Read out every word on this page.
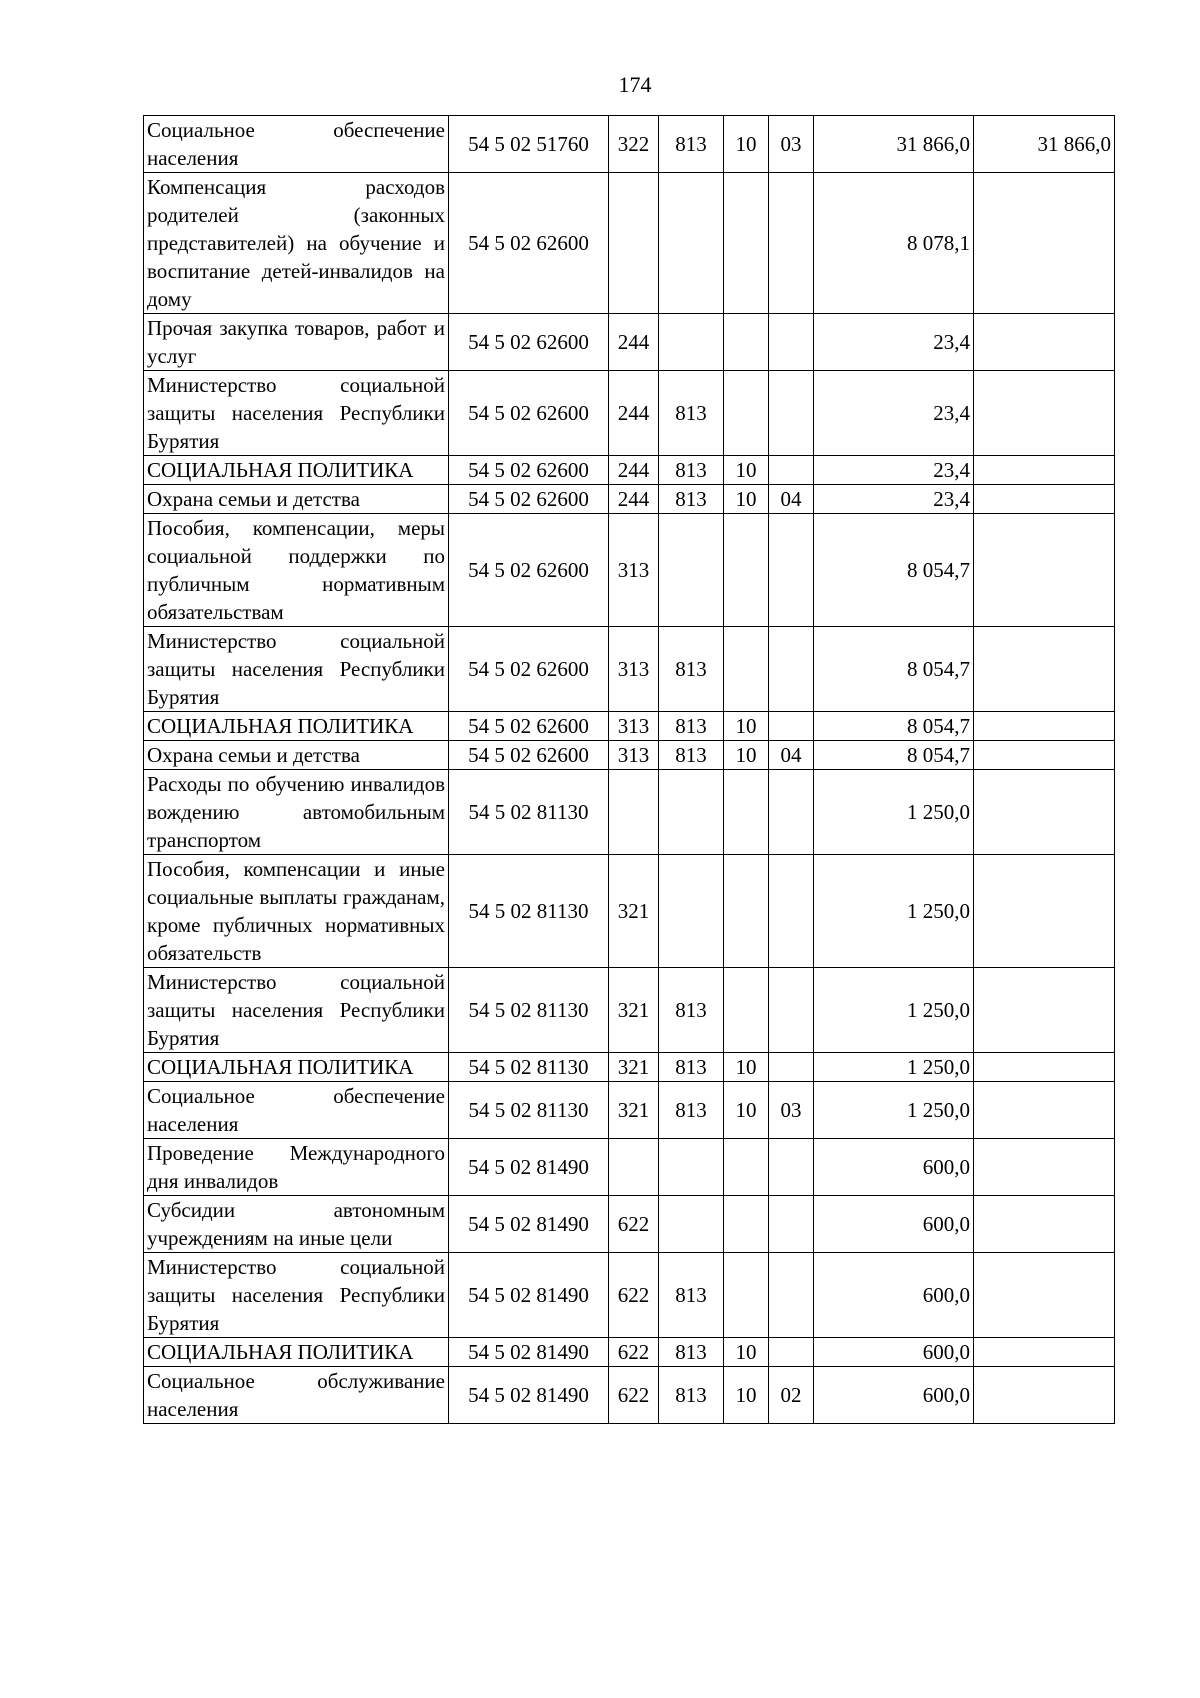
174
Социальное обеспечение населения	54 5 02 51760	322	813	10	03	31 866,0	31 866,0
Компенсация расходов родителей (законных представителей) на обучение и воспитание детей-инвалидов на дому	54 5 02 62600					8 078,1	
Прочая закупка товаров, работ и услуг	54 5 02 62600	244				23,4	
Министерство социальной защиты населения Республики Бурятия	54 5 02 62600	244	813			23,4	
СОЦИАЛЬНАЯ ПОЛИТИКА	54 5 02 62600	244	813	10		23,4	
Охрана семьи и детства	54 5 02 62600	244	813	10	04	23,4	
Пособия, компенсации, меры социальной поддержки по публичным нормативным обязательствам	54 5 02 62600	313				8 054,7	
Министерство социальной защиты населения Республики Бурятия	54 5 02 62600	313	813			8 054,7	
СОЦИАЛЬНАЯ ПОЛИТИКА	54 5 02 62600	313	813	10		8 054,7	
Охрана семьи и детства	54 5 02 62600	313	813	10	04	8 054,7	
Расходы по обучению инвалидов вождению автомобильным транспортом	54 5 02 81130					1 250,0	
Пособия, компенсации и иные социальные выплаты гражданам, кроме публичных нормативных обязательств	54 5 02 81130	321				1 250,0	
Министерство социальной защиты населения Республики Бурятия	54 5 02 81130	321	813			1 250,0	
СОЦИАЛЬНАЯ ПОЛИТИКА	54 5 02 81130	321	813	10		1 250,0	
Социальное обеспечение населения	54 5 02 81130	321	813	10	03	1 250,0	
Проведение Международного дня инвалидов	54 5 02 81490					600,0	
Субсидии автономным учреждениям на иные цели	54 5 02 81490	622				600,0	
Министерство социальной защиты населения Республики Бурятия	54 5 02 81490	622	813			600,0	
СОЦИАЛЬНАЯ ПОЛИТИКА	54 5 02 81490	622	813	10		600,0	
Социальное обслуживание населения	54 5 02 81490	622	813	10	02	600,0	
